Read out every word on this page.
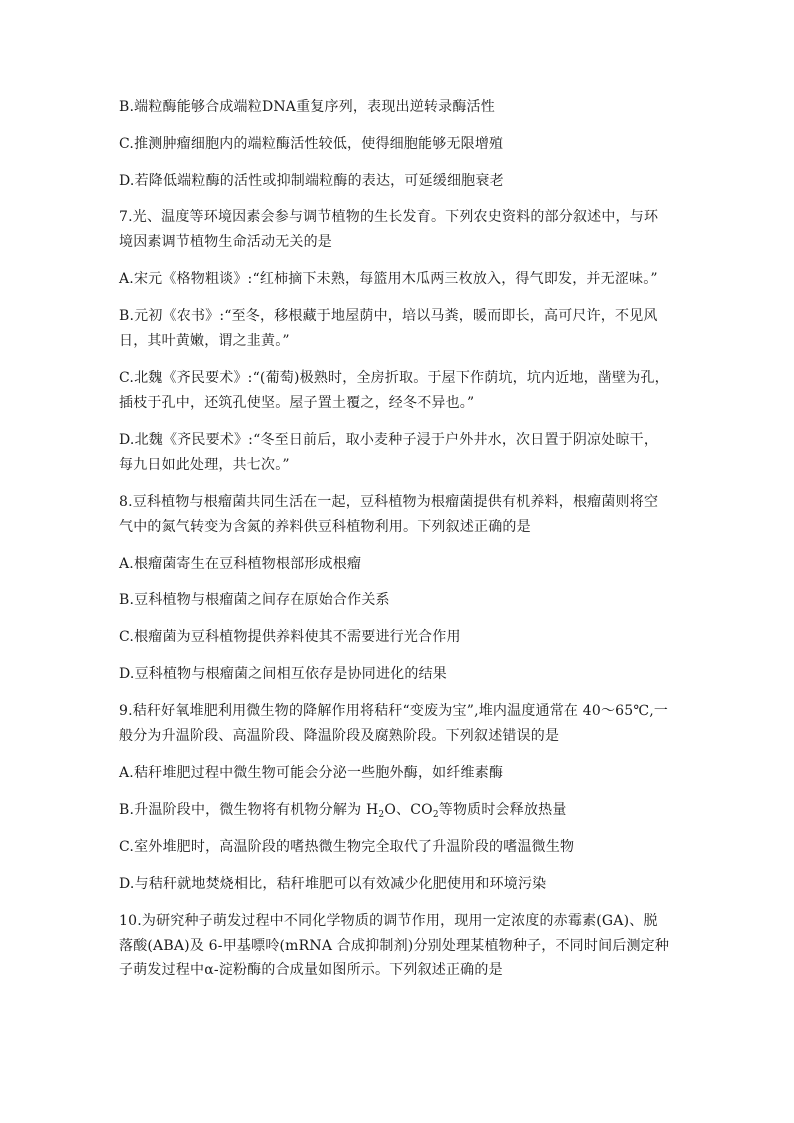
B.端粒酶能够合成端粒DNA重复序列，表现出逆转录酶活性
C.推测肿瘤细胞内的端粒酶活性较低，使得细胞能够无限增殖
D.若降低端粒酶的活性或抑制端粒酶的表达，可延缓细胞衰老
7.光、温度等环境因素会参与调节植物的生长发育。下列农史资料的部分叙述中，与环
境因素调节植物生命活动无关的是
A.宋元《格物粗谈》:“红柿摘下未熟，每篮用木瓜两三枚放入，得气即发，并无涩味。”
B.元初《农书》:“至冬，移根藏于地屋荫中，培以马粪，暖而即长，高可尺许，不见风
日，其叶黄嫩，谓之韭黄。”
C.北魏《齐民要术》:“(葡萄)极熟时，全房折取。于屋下作荫坑，坑内近地，凿壁为孔，
插枝于孔中，还筑孔使坚。屋子置土覆之，经冬不异也。”
D.北魏《齐民要术》:“冬至日前后，取小麦种子浸于户外井水，次日置于阴凉处晾干，
每九日如此处理，共七次。”
8.豆科植物与根瘤菌共同生活在一起，豆科植物为根瘤菌提供有机养料，根瘤菌则将空
气中的氮气转变为含氮的养料供豆科植物利用。下列叙述正确的是
A.根瘤菌寄生在豆科植物根部形成根瘤
B.豆科植物与根瘤菌之间存在原始合作关系
C.根瘤菌为豆科植物提供养料使其不需要进行光合作用
D.豆科植物与根瘤菌之间相互依存是协同进化的结果
9.秸秆好氧堆肥利用微生物的降解作用将秸秆“变废为宝”,堆内温度通常在 40～65℃,一
般分为升温阶段、高温阶段、降温阶段及腐熟阶段。下列叙述错误的是
A.秸秆堆肥过程中微生物可能会分泌一些胞外酶，如纤维素酶
B.升温阶段中，微生物将有机物分解为 $H_2O$、$CO_2$等物质时会释放热量
C.室外堆肥时，高温阶段的嗜热微生物完全取代了升温阶段的嗜温微生物
D.与秸秆就地焚烧相比，秸秆堆肥可以有效减少化肥使用和环境污染
10.为研究种子萌发过程中不同化学物质的调节作用，现用一定浓度的赤霉素(GA)、脱
落酸(ABA)及 6-甲基嘌呤(mRNA 合成抑制剂)分别处理某植物种子，不同时间后测定种
子萌发过程中α-淀粉酶的合成量如图所示。下列叙述正确的是
